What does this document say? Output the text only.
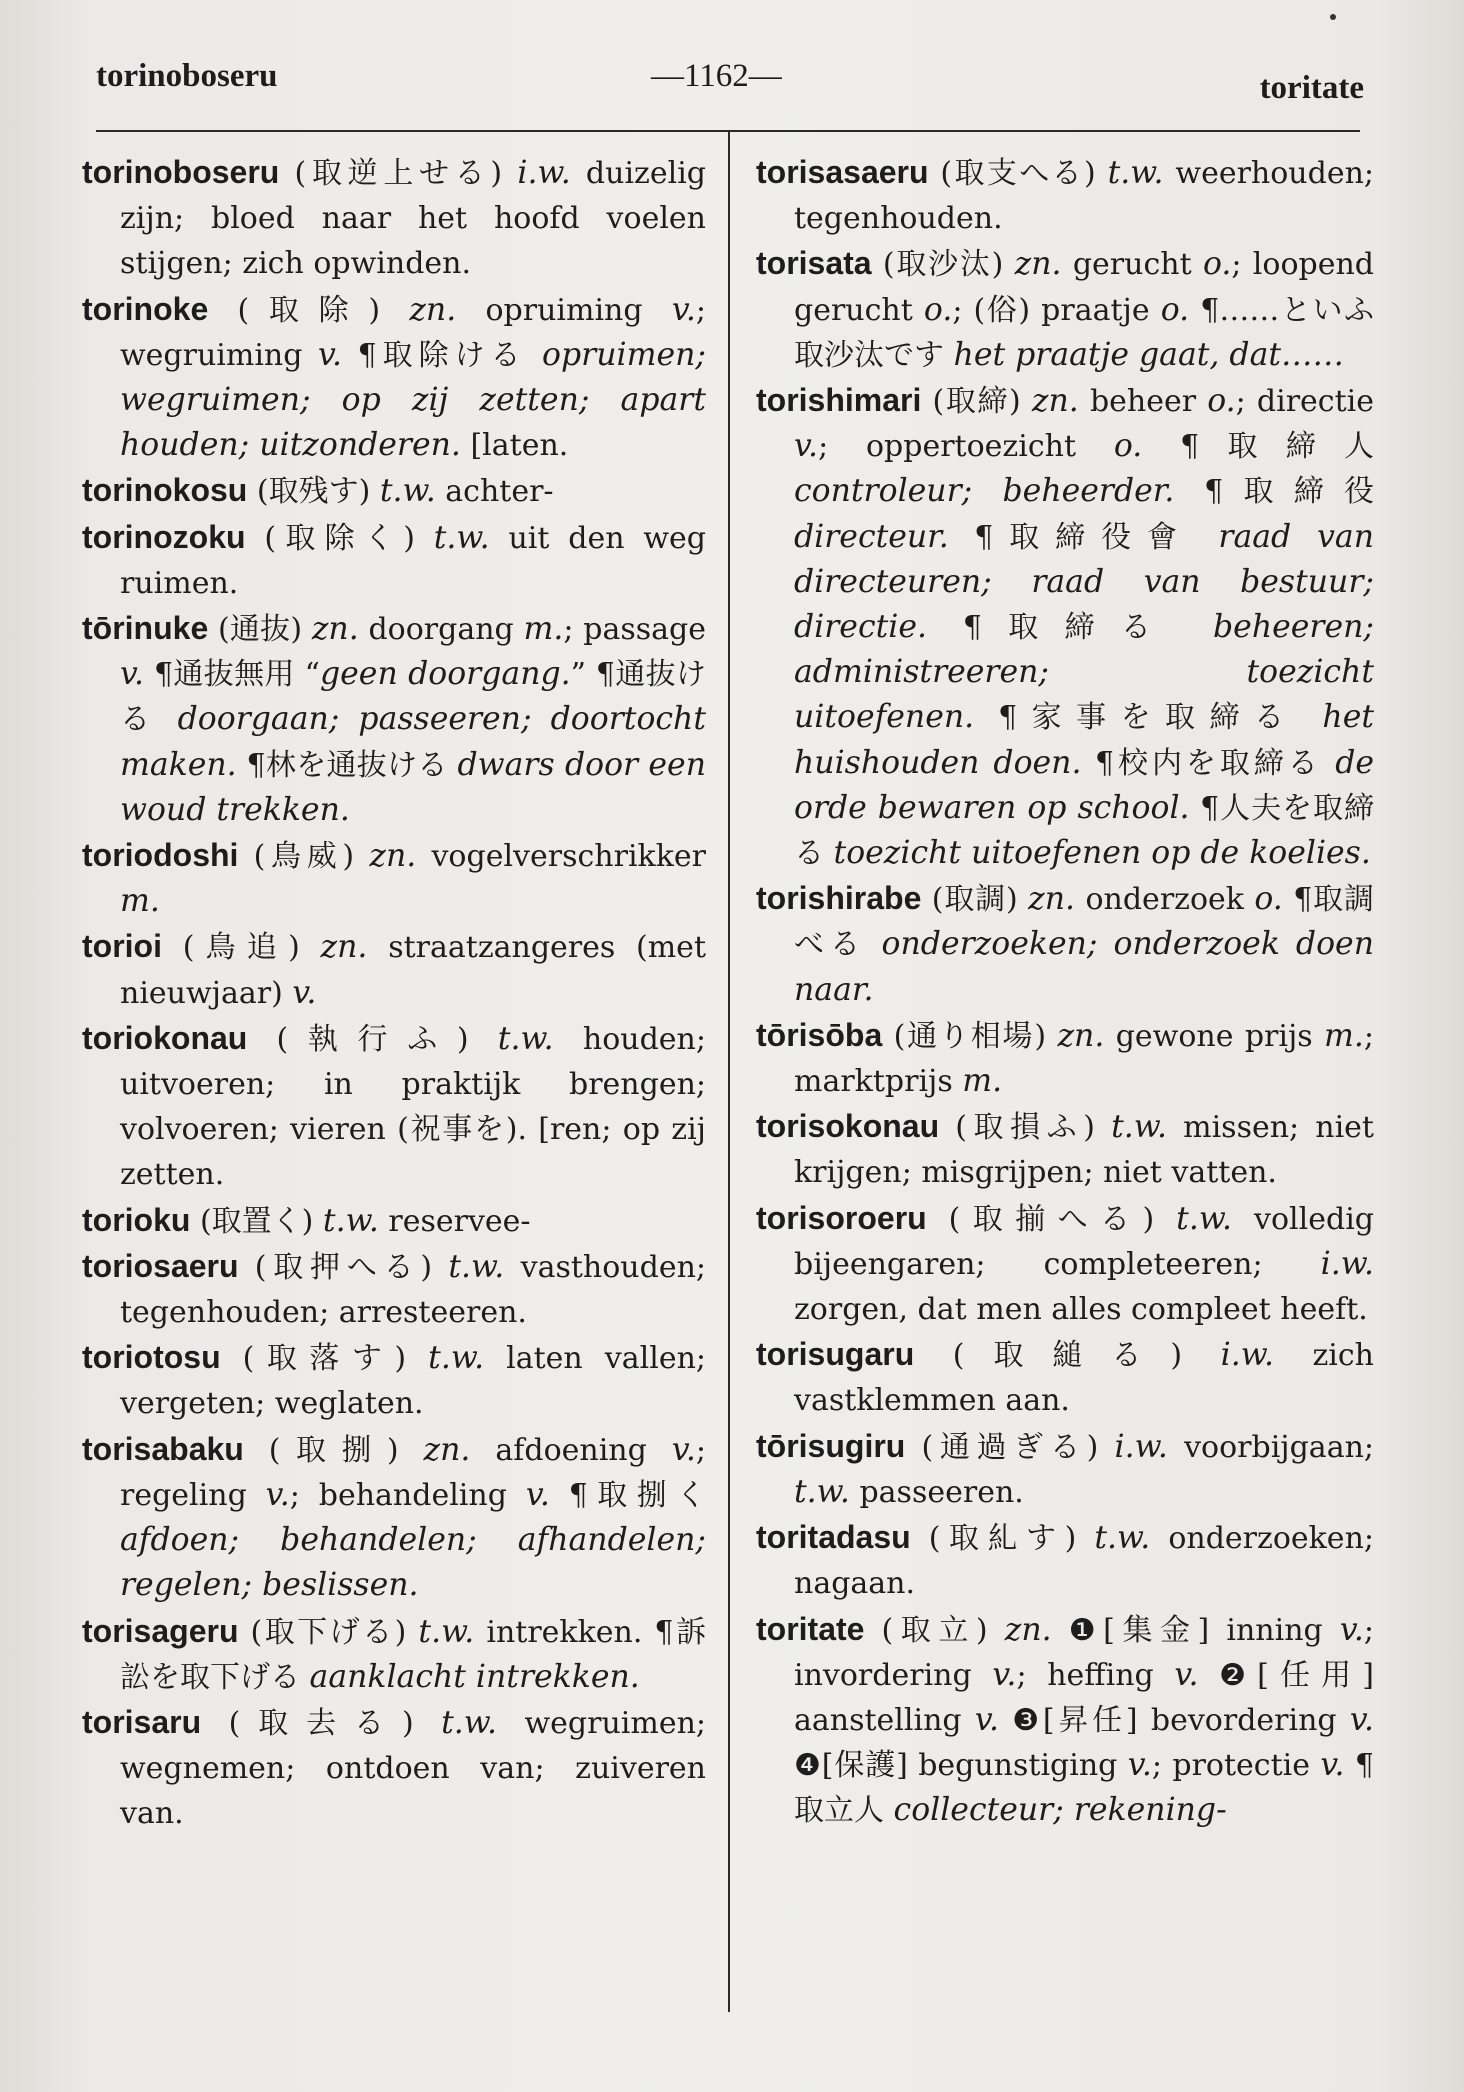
torinoboseru	—1162—	toritate

torinoboseru (取逆上せる) i.w. duizelig zijn; bloed naar het hoofd voelen stijgen; zich opwinden.

torinoke (取除) zn. opruiming v.; wegruiming v. ¶取除ける opruimen; wegruimen; op zij zetten; apart houden; uitzonderen. [laten.

torinokosu (取残す) t.w. achter-

torinozoku (取除く) t.w. uit den weg ruimen.

tōrinuke (通抜) zn. doorgang m.; passage v. ¶通抜無用 “geen doorgang.” ¶通抜ける doorgaan; passeeren; doortocht maken. ¶林を通抜ける dwars door een woud trekken.

toriodoshi (鳥威) zn. vogelverschrikker m.

torioi (鳥追) zn. straatzangeres (met nieuwjaar) v.

toriokonau (執行ふ) t.w. houden; uitvoeren; in praktijk brengen; volvoeren; vieren (祝事を). [ren; op zij zetten.

torioku (取置く) t.w. reservee-

toriosaeru (取押へる) t.w. vasthouden; tegenhouden; arresteeren.

toriotosu (取落す) t.w. laten vallen; vergeten; weglaten.

torisabaku (取捌) zn. afdoening v.; regeling v.; behandeling v. ¶取捌く afdoen; behandelen; afhandelen; regelen; beslissen.

torisageru (取下げる) t.w. intrekken. ¶訴訟を取下げる aanklacht intrekken.

torisaru (取去る) t.w. wegruimen; wegnemen; ontdoen van; zuiveren van.

torisasaeru (取支へる) t.w. weerhouden; tegenhouden.

torisata (取沙汰) zn. gerucht o.; loopend gerucht o.; (俗) praatje o. ¶……といふ取沙汰です het praatje gaat, dat……

torishimari (取締) zn. beheer o.; directie v.; oppertoezicht o. ¶取締人 controleur; beheerder. ¶取締役 directeur. ¶取締役會 raad van directeuren; raad van bestuur; directie. ¶取締る beheeren; administreeren; toezicht uitoefenen. ¶家事を取締る het huishouden doen. ¶校内を取締る de orde bewaren op school. ¶人夫を取締る toezicht uitoefenen op de koelies.

torishirabe (取調) zn. onderzoek o. ¶取調べる onderzoeken; onderzoek doen naar.

tōrisōba (通り相場) zn. gewone prijs m.; marktprijs m.

torisokonau (取損ふ) t.w. missen; niet krijgen; misgrijpen; niet vatten.

torisoroeru (取揃へる) t.w. volledig bijeengaren; completeeren; i.w. zorgen, dat men alles compleet heeft.

torisugaru (取縋る) i.w. zich vastklemmen aan.

tōrisugiru (通過ぎる) i.w. voorbijgaan; t.w. passeeren.

toritadasu (取糺す) t.w. onderzoeken; nagaan.

toritate (取立) zn. ❶[集金] inning v.; invordering v.; heffing v. ❷[任用] aanstelling v. ❸[昇任] bevordering v. ❹[保護] begunstiging v.; protectie v. ¶取立人 collecteur; rekening-
